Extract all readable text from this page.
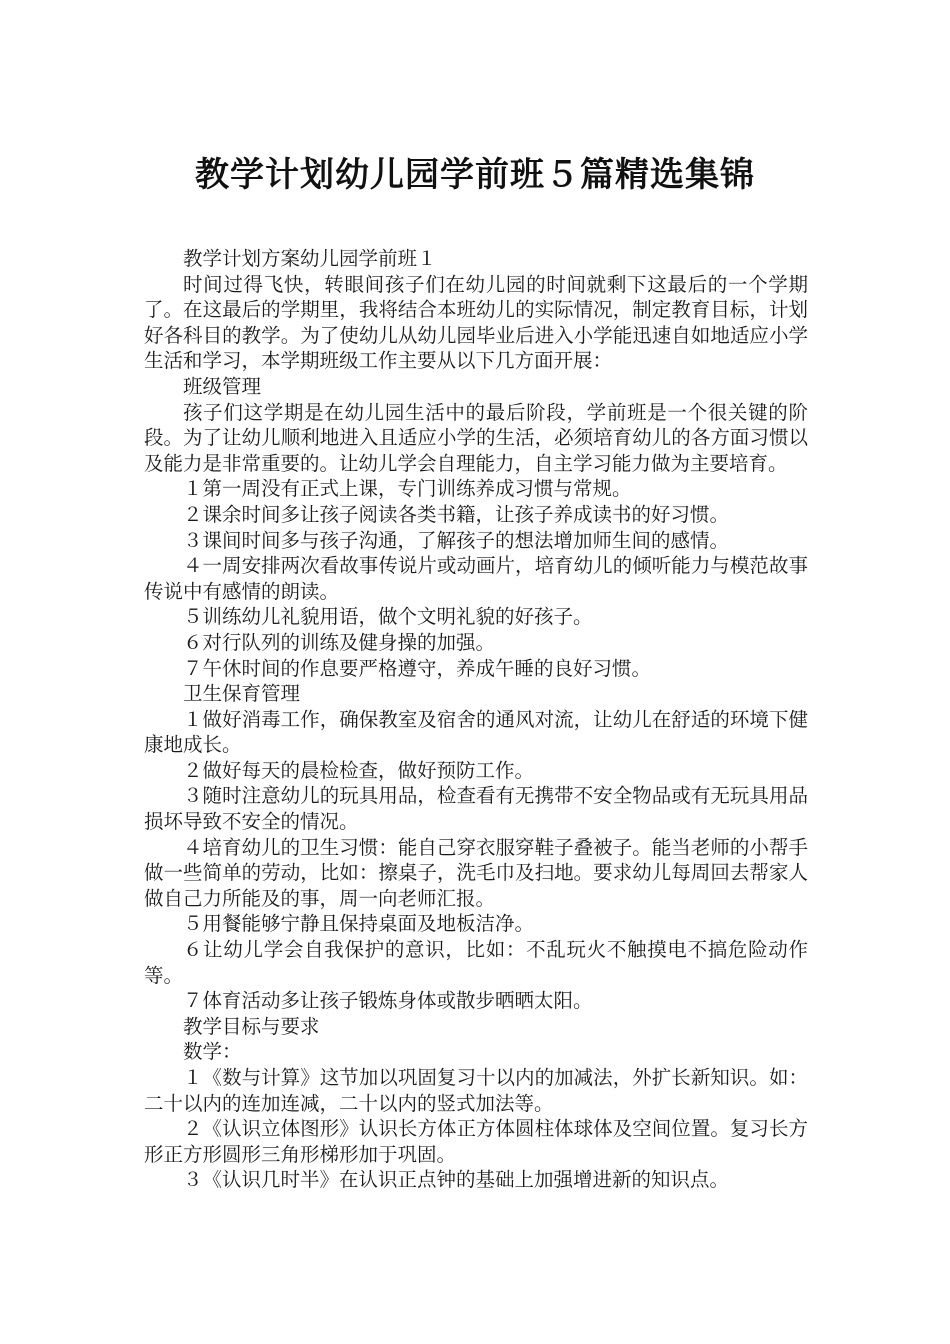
教学计划幼儿园学前班５篇精选集锦

教学计划方案幼儿园学前班１

时间过得飞快，转眼间孩子们在幼儿园的时间就剩下这最后的一个学期了。在这最后的学期里，我将结合本班幼儿的实际情况，制定教育目标，计划好各科目的教学。为了使幼儿从幼儿园毕业后进入小学能迅速自如地适应小学生活和学习，本学期班级工作主要从以下几方面开展：

班级管理

孩子们这学期是在幼儿园生活中的最后阶段，学前班是一个很关键的阶段。为了让幼儿顺利地进入且适应小学的生活，必须培育幼儿的各方面习惯以及能力是非常重要的。让幼儿学会自理能力，自主学习能力做为主要培育。

１第一周没有正式上课，专门训练养成习惯与常规。

２课余时间多让孩子阅读各类书籍，让孩子养成读书的好习惯。

３课间时间多与孩子沟通，了解孩子的想法增加师生间的感情。

４一周安排两次看故事传说片或动画片，培育幼儿的倾听能力与模范故事传说中有感情的朗读。

５训练幼儿礼貌用语，做个文明礼貌的好孩子。

６对行队列的训练及健身操的加强。

７午休时间的作息要严格遵守，养成午睡的良好习惯。

卫生保育管理

１做好消毒工作，确保教室及宿舍的通风对流，让幼儿在舒适的环境下健康地成长。

２做好每天的晨检检查，做好预防工作。

３随时注意幼儿的玩具用品，检查看有无携带不安全物品或有无玩具用品损坏导致不安全的情况。

４培育幼儿的卫生习惯：能自己穿衣服穿鞋子叠被子。能当老师的小帮手做一些简单的劳动，比如：擦桌子，洗毛巾及扫地。要求幼儿每周回去帮家人做自己力所能及的事，周一向老师汇报。

５用餐能够宁静且保持桌面及地板洁净。

６让幼儿学会自我保护的意识，比如：不乱玩火不触摸电不搞危险动作等。

７体育活动多让孩子锻炼身体或散步晒晒太阳。

教学目标与要求

数学：

１《数与计算》这节加以巩固复习十以内的加减法，外扩长新知识。如：二十以内的连加连减，二十以内的竖式加法等。

２《认识立体图形》认识长方体正方体圆柱体球体及空间位置。复习长方形正方形圆形三角形梯形加于巩固。

３《认识几时半》在认识正点钟的基础上加强增进新的知识点。
